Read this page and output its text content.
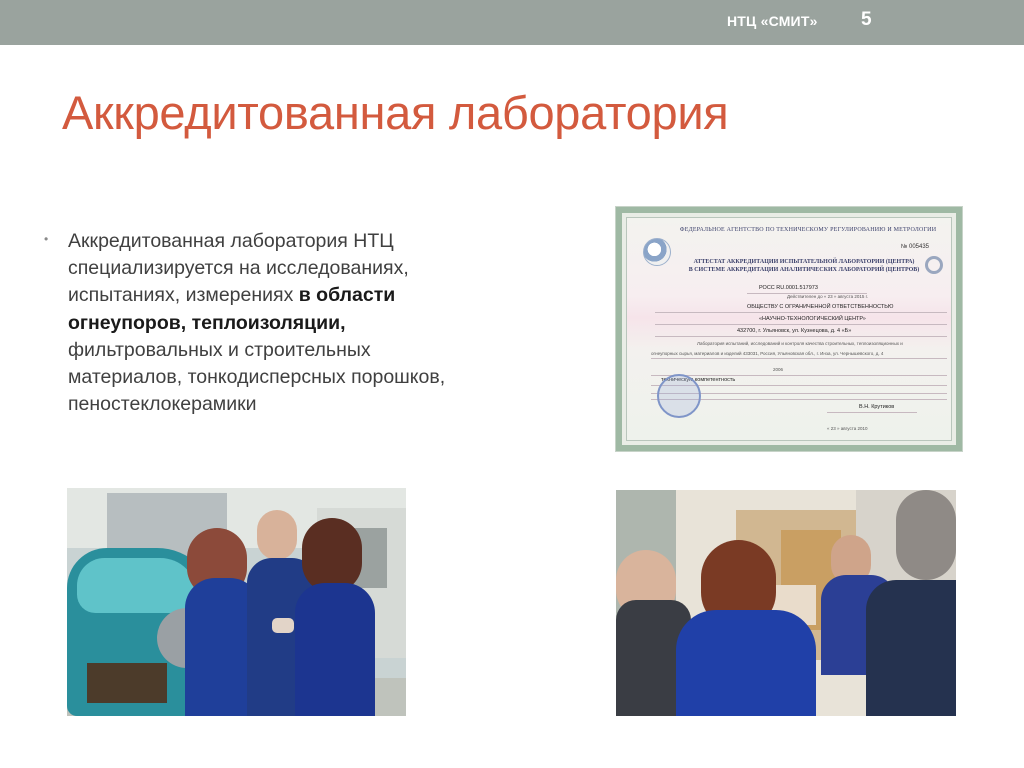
НТЦ «СМИТ» 5
Аккредитованная лаборатория
• Аккредитованная лаборатория НТЦ специализируется на исследованиях, испытаниях, измерениях в области огнеупоров, теплоизоляции, фильтровальных и строительных материалов, тонкодисперсных порошков, пеностеклокерамики

ФЕДЕРАЛЬНОЕ АГЕНТСТВО ПО ТЕХНИЧЕСКОМУ РЕГУЛИРОВАНИЮ И МЕТРОЛОГИИ
№ 005435
АТТЕСТАТ АККРЕДИТАЦИИ ИСПЫТАТЕЛЬНОЙ ЛАБОРАТОРИИ (ЦЕНТРА)
В СИСТЕМЕ АККРЕДИТАЦИИ АНАЛИТИЧЕСКИХ ЛАБОРАТОРИЙ (ЦЕНТРОВ)
РОСС RU.0001.517973
Действителен до « 23 » августа 2015 г.
ОБЩЕСТВУ С ОГРАНИЧЕННОЙ ОТВЕТСТВЕННОСТЬЮ
«НАУЧНО-ТЕХНОЛОГИЧЕСКИЙ ЦЕНТР»
432700, г. Ульяновск, ул. Кузнецова, д. 4 «Б»
Лаборатория испытаний, исследований и контроля качества строительных, теплоизоляционных и
огнеупорных сырья, материалов и изделий 433031, Россия, Ульяновская обл., г. Инза, ул. Чернышевского, д. 4
2006
техническую компетентность
В.Н. Крутиков
« 23 » августа 2010
